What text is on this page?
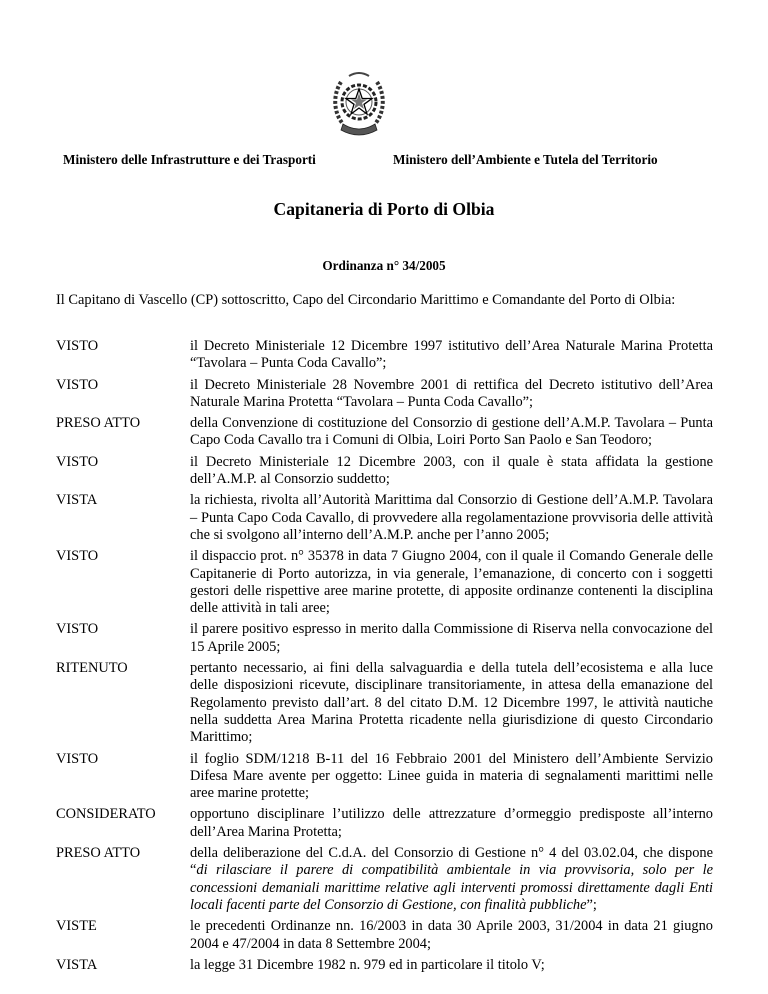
Ministero delle Infrastrutture e dei Trasporti	Ministero dell’Ambiente e Tutela del Territorio
Capitaneria di Porto di Olbia
Ordinanza n° 34/2005
Il Capitano di Vascello (CP) sottoscritto, Capo del Circondario Marittimo e Comandante del Porto di Olbia:
VISTO	il Decreto Ministeriale 12 Dicembre 1997 istitutivo dell’Area Naturale Marina Protetta “Tavolara – Punta Coda Cavallo”;
VISTO	il Decreto Ministeriale 28 Novembre 2001 di rettifica del Decreto istitutivo dell’Area Naturale Marina Protetta “Tavolara – Punta Coda Cavallo”;
PRESO ATTO	della Convenzione di costituzione del Consorzio di gestione dell’A.M.P. Tavolara – Punta Capo Coda Cavallo tra i Comuni di Olbia, Loiri Porto San Paolo e San Teodoro;
VISTO	il Decreto Ministeriale 12 Dicembre 2003, con il quale è stata affidata la gestione dell’A.M.P. al Consorzio suddetto;
VISTA	la richiesta, rivolta all’Autorità Marittima dal Consorzio di Gestione dell’A.M.P. Tavolara – Punta Capo Coda Cavallo, di provvedere alla regolamentazione provvisoria delle attività che si svolgono all’interno dell’A.M.P. anche per l’anno 2005;
VISTO	il dispaccio prot. n° 35378 in data 7 Giugno 2004, con il quale il Comando Generale delle Capitanerie di Porto autorizza, in via generale, l’emanazione, di concerto con i soggetti gestori delle rispettive aree marine protette, di apposite ordinanze contenenti la disciplina delle attività in tali aree;
VISTO	il parere positivo espresso in merito dalla Commissione di Riserva nella convocazione del 15 Aprile 2005;
RITENUTO	pertanto necessario, ai fini della salvaguardia e della tutela dell’ecosistema e alla luce delle disposizioni ricevute, disciplinare transitoriamente, in attesa della emanazione del Regolamento previsto dall’art. 8 del citato D.M. 12 Dicembre 1997, le attività nautiche nella suddetta Area Marina Protetta ricadente nella giurisdizione di questo Circondario Marittimo;
VISTO	il foglio SDM/1218 B-11 del 16 Febbraio 2001 del Ministero dell’Ambiente Servizio Difesa Mare avente per oggetto: Linee guida in materia di segnalamenti marittimi nelle aree marine protette;
CONSIDERATO	opportuno disciplinare l’utilizzo delle attrezzature d’ormeggio predisposte all’interno dell’Area Marina Protetta;
PRESO ATTO	della deliberazione del C.d.A. del Consorzio di Gestione n° 4 del 03.02.04, che dispone “di rilasciare il parere di compatibilità ambientale in via provvisoria, solo per le concessioni demaniali marittime relative agli interventi promossi direttamente dagli Enti locali facenti parte del Consorzio di Gestione, con finalità pubbliche”;
VISTE	le precedenti Ordinanze nn. 16/2003 in data 30 Aprile 2003, 31/2004 in data 21 giugno 2004 e 47/2004 in data 8 Settembre 2004;
VISTA	la legge 31 Dicembre 1982 n. 979 ed in particolare il titolo V;
